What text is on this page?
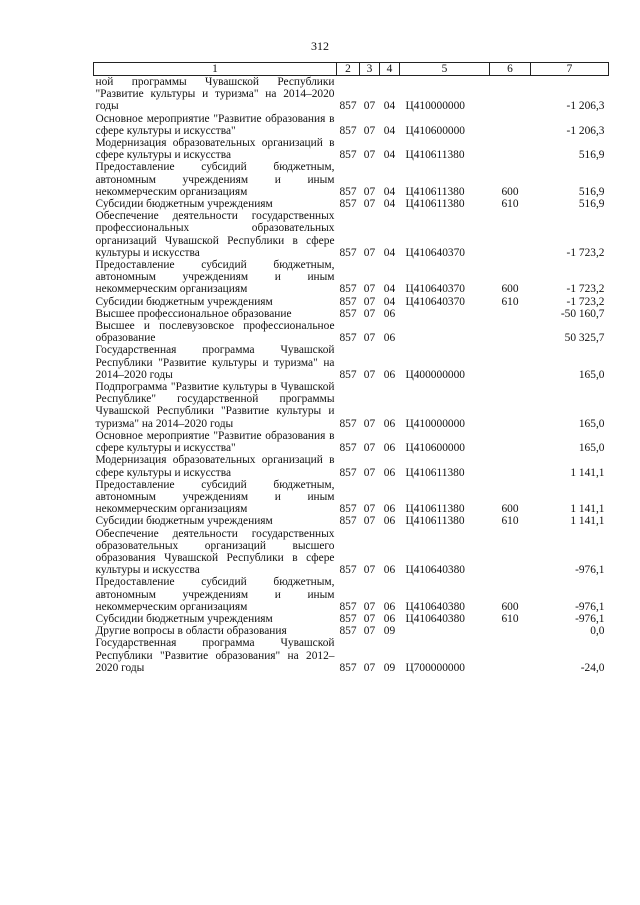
312
1	2	3	4	5	6	7
ной программы Чувашской Республики "Развитие культуры и туризма" на 2014–2020 годы	857	07	04	Ц410000000		-1 206,3
Основное мероприятие "Развитие образования в сфере культуры и искусства"	857	07	04	Ц410600000		-1 206,3
Модернизация образовательных организаций в сфере культуры и искусства	857	07	04	Ц410611380		516,9
Предоставление субсидий бюджетным, автономным учреждениям и иным некоммерческим организациям	857	07	04	Ц410611380	600	516,9
Субсидии бюджетным учреждениям	857	07	04	Ц410611380	610	516,9
Обеспечение деятельности государственных профессиональных образовательных организаций Чувашской Республики в сфере культуры и искусства	857	07	04	Ц410640370		-1 723,2
Предоставление субсидий бюджетным, автономным учреждениям и иным некоммерческим организациям	857	07	04	Ц410640370	600	-1 723,2
Субсидии бюджетным учреждениям	857	07	04	Ц410640370	610	-1 723,2
Высшее профессиональное образование	857	07	06			-50 160,7
Высшее и послевузовское профессиональное образование	857	07	06			50 325,7
Государственная программа Чувашской Республики "Развитие культуры и туризма" на 2014–2020 годы	857	07	06	Ц400000000		165,0
Подпрограмма "Развитие культуры в Чувашской Республике" государственной программы Чувашской Республики "Развитие культуры и туризма" на 2014–2020 годы	857	07	06	Ц410000000		165,0
Основное мероприятие "Развитие образования в сфере культуры и искусства"	857	07	06	Ц410600000		165,0
Модернизация образовательных организаций в сфере культуры и искусства	857	07	06	Ц410611380		1 141,1
Предоставление субсидий бюджетным, автономным учреждениям и иным некоммерческим организациям	857	07	06	Ц410611380	600	1 141,1
Субсидии бюджетным учреждениям	857	07	06	Ц410611380	610	1 141,1
Обеспечение деятельности государственных образовательных организаций высшего образования Чувашской Республики в сфере культуры и искусства	857	07	06	Ц410640380		-976,1
Предоставление субсидий бюджетным, автономным учреждениям и иным некоммерческим организациям	857	07	06	Ц410640380	600	-976,1
Субсидии бюджетным учреждениям	857	07	06	Ц410640380	610	-976,1
Другие вопросы в области образования	857	07	09			0,0
Государственная программа Чувашской Республики "Развитие образования" на 2012–2020 годы	857	07	09	Ц700000000		-24,0
